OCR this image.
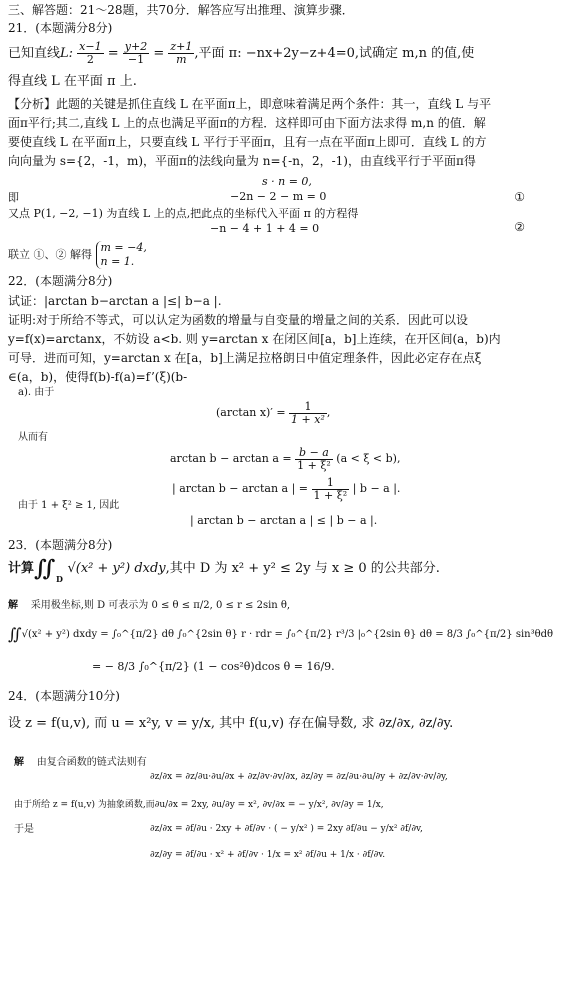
三、解答题：21～28题，共70分．解答应写出推理、演算步骤．
21．(本题满分8分)
已知直线L: $\frac{x-1}{2} = \frac{y+2}{-1} = \frac{z+1}{m}$ ,平面 π: −nx+2y−z+4=0,试确定 m,n 的值,使
得直线 L 在平面 π 上.
【分析】此题的关键是抓住直线 L 在平面π上，即意味着满足两个条件：其一，直线 L 与平
面π平行;其二,直线 L 上的点也满足平面π的方程．这样即可由下面方法求得 m,n 的值．解
要使直线 L 在平面π上，只要直线 L 平行于平面π，且有一点在平面π上即可．直线 L 的方
向向量为 s={2，-1，m)，平面π的法线向量为 n={-n，2，-1)，由直线平行于平面π得
s · n = 0,
即	−2n − 2 − m = 0	①
又点 P(1, −2, −1) 为直线 L 上的点,把此点的坐标代入平面 π 的方程得
−n − 4 + 1 + 4 = 0	②
联立 ①、② 解得
m = −4,
n = 1.
22．(本题满分8分)
试证：|arctan b−arctan a |≤| b−a |.
证明:对于所给不等式，可以认定为函数的增量与自变量的增量之间的关系．因此可以设
y=f(x)=arctanx，不妨设 a<b. 则 y=arctan x 在闭区间[a，b]上连续，在开区间(a，b)内
可导．进而可知，y=arctan x 在[a，b]上满足拉格朗日中值定理条件，因此必定存在点ξ
∈(a，b)，使得f(b)-f(a)=f’(ξ)(b-
a). 由于
(arctan $x)' = \frac{1}{\text{1 + x²}}$ ,
从而有
$\arctan b - \arctan a = \frac{b - a}{\text{1 + ξ²}} (a < \xi < b)$,
| arctan b − arctan a | = $\frac{1}{\text{1 + ξ²}}$ | b − a |.
由于 1 + ξ² ≥ 1, 因此
| arctan b − arctan a | ≤ | b − a |.
23．(本题满分8分)
计算$∬_D$ √(x² + y²) dxdy,其中 D 为 x² + y² ≤ 2y 与 x ≥ 0 的公共部分.
解 采用极坐标,则 D 可表示为 0 ≤ θ ≤ π/2, 0 ≤ r ≤ 2sin θ,
∬√(x² + y²) dxdy = ∫₀^{π/2} dθ ∫₀^{2sin θ} r · rdr = ∫₀^{π/2} r³/3 |₀^{2sin θ} dθ = 8/3 ∫₀^{π/2} sin³θdθ
= − 8/3 ∫₀^{π/2} (1 − cos²θ)dcos θ = 16/9.
24．(本题满分10分)
设 z = f(u,v), 而 u = x²y, v = y/x, 其中 f(u,v) 存在偏导数, 求 ∂z/∂x, ∂z/∂y.
解 由复合函数的链式法则有
∂z/∂x = ∂z/∂u·∂u/∂x + ∂z/∂v·∂v/∂x, ∂z/∂y = ∂z/∂u·∂u/∂y + ∂z/∂v·∂v/∂y,
由于所给 z = f(u,v) 为抽象函数,而∂u/∂x = 2xy, ∂u/∂y = x², ∂v/∂x = − y/x², ∂v/∂y = 1/x,
于是	∂z/∂x = ∂f/∂u · 2xy + ∂f/∂v · ( − y/x² ) = 2xy ∂f/∂u − y/x² ∂f/∂v,
∂z/∂y = ∂f/∂u · x² + ∂f/∂v · 1/x = x² ∂f/∂u + 1/x · ∂f/∂v.
